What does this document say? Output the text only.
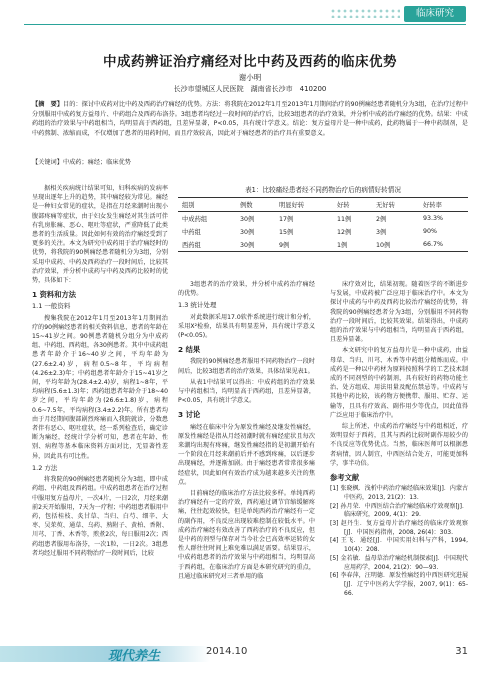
临床研究
中成药辨证治疗痛经对比中药及西药的临床优势
谢小明
长沙市望城区人民医院　湖南省长沙市　410200
【摘　要】目的：探讨中成药对比中药及西药治疗痛经的优势。方法：将我院在2012年1月至2013年1月期间治疗的90例痛经患者随机分为3组，在治疗过程中分别服用中成药复方益母片、中药组合及西药布洛芬。3组患者均经过一段时间的治疗后，比较3组患者的治疗效果，并分析中成药治疗痛经的优势。结果：中成药组的治疗效果与中药组相当，均明显高于西药组，且差异显著，P<0.05，具有统计学意义。结论：复方益母片是一种中成药，此药物属于一种中药制剂，是中药熬制、浓缩而成，不仅增加了患者的用药时间，而且疗效较高，因此对于痛经患者的治疗具有重要意义。
【关键词】中成药；痛经；临床优势

据相关疾病统计结果可知，妇科疾病的发病率呈现出逐年上升的趋势，其中痛经较为常见。痛经是一种妇女常见的症状，是指在月经来潮时出现小腹部疼痛等症状，由于妇女发生痛经对其生活可伴有乳房胀痛、恶心、呕吐等症状，严重降低了此类患者的生活质量。因此如何有效的治疗痛经受到了更多的关注。本文为研究中成药用于治疗痛经时的优势，将我院的90例痛经患者随机分为3组，分别采用中成药、中药及西药治疗一段时间后，比较其治疗效果，并分析中成药与中药及西药比较时的优势，具体如下：

1 资料和方法
1.1 一般资料

搜集我院在2012年1月至2013年1月期间治疗的90例痛经患者的相关资料信息，患者的年龄在15~41岁之间。90例患者随机分组分为中成药组、中药组、西药组，各30例患者。其中中成药组患者年龄介于16~40岁之间，平均年龄为(27.6±2.4)岁，病程0.5~8年，平均病程(4.26±2.3)年；中药组患者年龄介于15~41岁之间，平均年龄为(28.4±2.4)岁，病程1~8年，平均病程(5.6±1.3)年；西药组患者年龄介于18~40岁之间，平均年龄为(26.6±1.8)岁，病程0.6~7.5年，平均病程(3.4±2.2)年。所有患者均由于月经期间腹部剧烈疼痛而入我院就诊，分数患者伴有恶心、呕吐症状，经一系列检查后，确定诊断为痛经，经统计学分析可知，患者在年龄、性别、病程等基本临床资料方面对比，无显著性差异，因此具有可比性。

1.2 方法

将我院的90例痛经患者随机分为3组，即中成药组、中药组及西药组。中成药组患者在治疗过程中服用复方益母片，一次4片，一日2次，月经来潮前2天开始服用，7天为一疗程；中药组患者服用中药，包括桂枝、炙甘草、当归、白芍、细辛、大枣、吴茱萸、通草、乌药、熟附子、黄柏、香附、川芎、丁香、木香等，煎煮2次，每日服用2次；西药组患者服用布洛芬，一次1粒，一日2次。3组患者均经过服用不同药物治疗一段时间后，比较

表1：比较痛经患者经不同药物治疗后的病情好转情况
组别	例数	明显好转	好转	无好转	好转率
中成药组	30例	17例	11例	2例	93.3%
中药组	30例	15例	12例	3例	90%
西药组	30例	9例	1例	10例	66.7%

3组患者的治疗效果，并分析中成药治疗痛经的优势。

1.3 统计处理

对此数据采用17.0软件系统进行统计和分析，采用X²检验，结果具有明显差异，具有统计学意义(P<0.05)。

2 结果

我院的90例痛经患者服用不同药物治疗一段时间后，比较3组患者的治疗效果，具体结果见表1。

从表1中结果可以得出：中成药组的治疗效果与中药组相当，均明显高于西药组，且差异显著，P<0.05，具有统计学意义。

3 讨论

痛经在临床中分为原发性痛经及继发性痛经，原发性痛经是指从月经初潮时就有痛经症状且每次来潮均出现有疼痛，继发性痛经指的是初潮开始有一个阶段在月经来潮前后并不感到疼痛，以后逐步出现痛经，并逐渐加剧。由于痛经患者常常很多痛经症状，因此如何有效治疗成为越来越多关注的焦点。

目前痛经的临床治疗方法比较多样。单纯西药治疗痛经有一定的疗效，西药通过调节宫缩缓解疼痛，往往起效较快，但是单纯西药治疗痛经有一定的副作用，不良反应出现较难控制在较低水平。中成药治疗痛经有效改善了西药治疗的不良反应，但是中药的剂型与保存对当今社会已高效率运转的女性人群往往时间上难免难以满足需要。结果显示，中成药组患者的治疗效果与中药组相当，均明显高于西药组，在临床治疗方面是本研究研究的重点，且通过临床研究对三者单用的临

床疗效对比，结果初现。随着医学的不断进步与发展，中成药被广泛应用于临床治疗中。本文为探讨中成药与中药及西药比较治疗痛经的优势，将我院的90例痛经患者分为3组，分别服用不同药物治疗一段时间后，比较其效果。结果得出，中成药组的治疗效果与中药组相当，均明显高于西药组，且差异显著。

本文研究中的复方益母片是一种中成药，由益母草、当归、川芎、木香等中药组分精炼而成。中成药是一种以中药材为原料按照科学的工艺技术制成的不同剂型的中药制剂，具有较好的药物功能主治、处方组成、用法用量及配伍禁忌等。中成药与其他中药比较，该药物方便携带、服用、贮存、运输等，且具有疗效高、副作用少等优点，因此值得广泛应用于临床治疗中。

综上所述，中成药治疗痛经与中药组相近，疗效明显好于西药，且其与西药比较时副作用较少的不良反应等优势优点。当然，临床医师可以根据患者病情，因人制宜，中西医结合处方，可能更加科学，事半功倍。

参考文献
[1] 张晓枫．浅析中药治疗痛经临床效果[J]．内蒙古中医药，2013, 21(2)：13.
[2] 孙月荣．中西医结合治疗痛经临床疗效观察[J]．临床研究，2009, 4(1)：29.
[3] 赵丹生．复方益母片治疗痛经的临床疗效观察[J]．中国医药指南，2008, 26(4)：303.
[4] 王飞．通经[J]．中国实用妇科与产科，1994, 10(4)：208.
[5] 金若敏．益母草治疗痛经机制探索[J]．中国现代应用药学，2004, 21(2)：90—93.
[6] 李春萍，汪明德．原发性痛经的中西医研究进展[J]．辽宁中医药大学学报，2007, 9(1)：65-66.
现代养生	2014.10	31
